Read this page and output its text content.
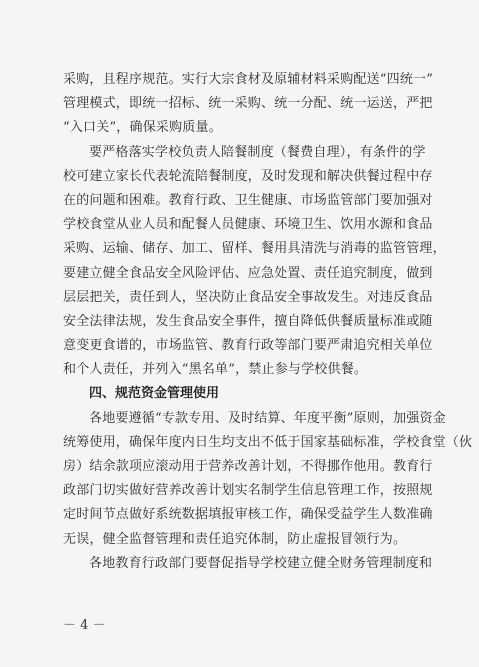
采购，且程序规范。实行大宗食材及原辅材料采购配送“四统一”
管理模式，即统一招标、统一采购、统一分配、统一运送，严把
“入口关”，确保采购质量。
要严格落实学校负责人陪餐制度（餐费自理），有条件的学
校可建立家长代表轮流陪餐制度，及时发现和解决供餐过程中存
在的问题和困难。教育行政、卫生健康、市场监管部门要加强对
学校食堂从业人员和配餐人员健康、环境卫生、饮用水源和食品
采购、运输、储存、加工、留样、餐用具清洗与消毒的监管管理，
要建立健全食品安全风险评估、应急处置、责任追究制度，做到
层层把关，责任到人，坚决防止食品安全事故发生。对违反食品
安全法律法规，发生食品安全事件，擅自降低供餐质量标准或随
意变更食谱的，市场监管、教育行政等部门要严肃追究相关单位
和个人责任，并列入“黑名单”，禁止参与学校供餐。
四、规范资金管理使用
各地要遵循“专款专用、及时结算、年度平衡”原则，加强资金
统筹使用，确保年度内日生均支出不低于国家基础标准，学校食堂（伙
房）结余款项应滚动用于营养改善计划，不得挪作他用。教育行
政部门切实做好营养改善计划实名制学生信息管理工作，按照规
定时间节点做好系统数据填报审核工作，确保受益学生人数准确
无误，健全监督管理和责任追究体制，防止虚报冒领行为。
各地教育行政部门要督促指导学校建立健全财务管理制度和
－ 4 －
